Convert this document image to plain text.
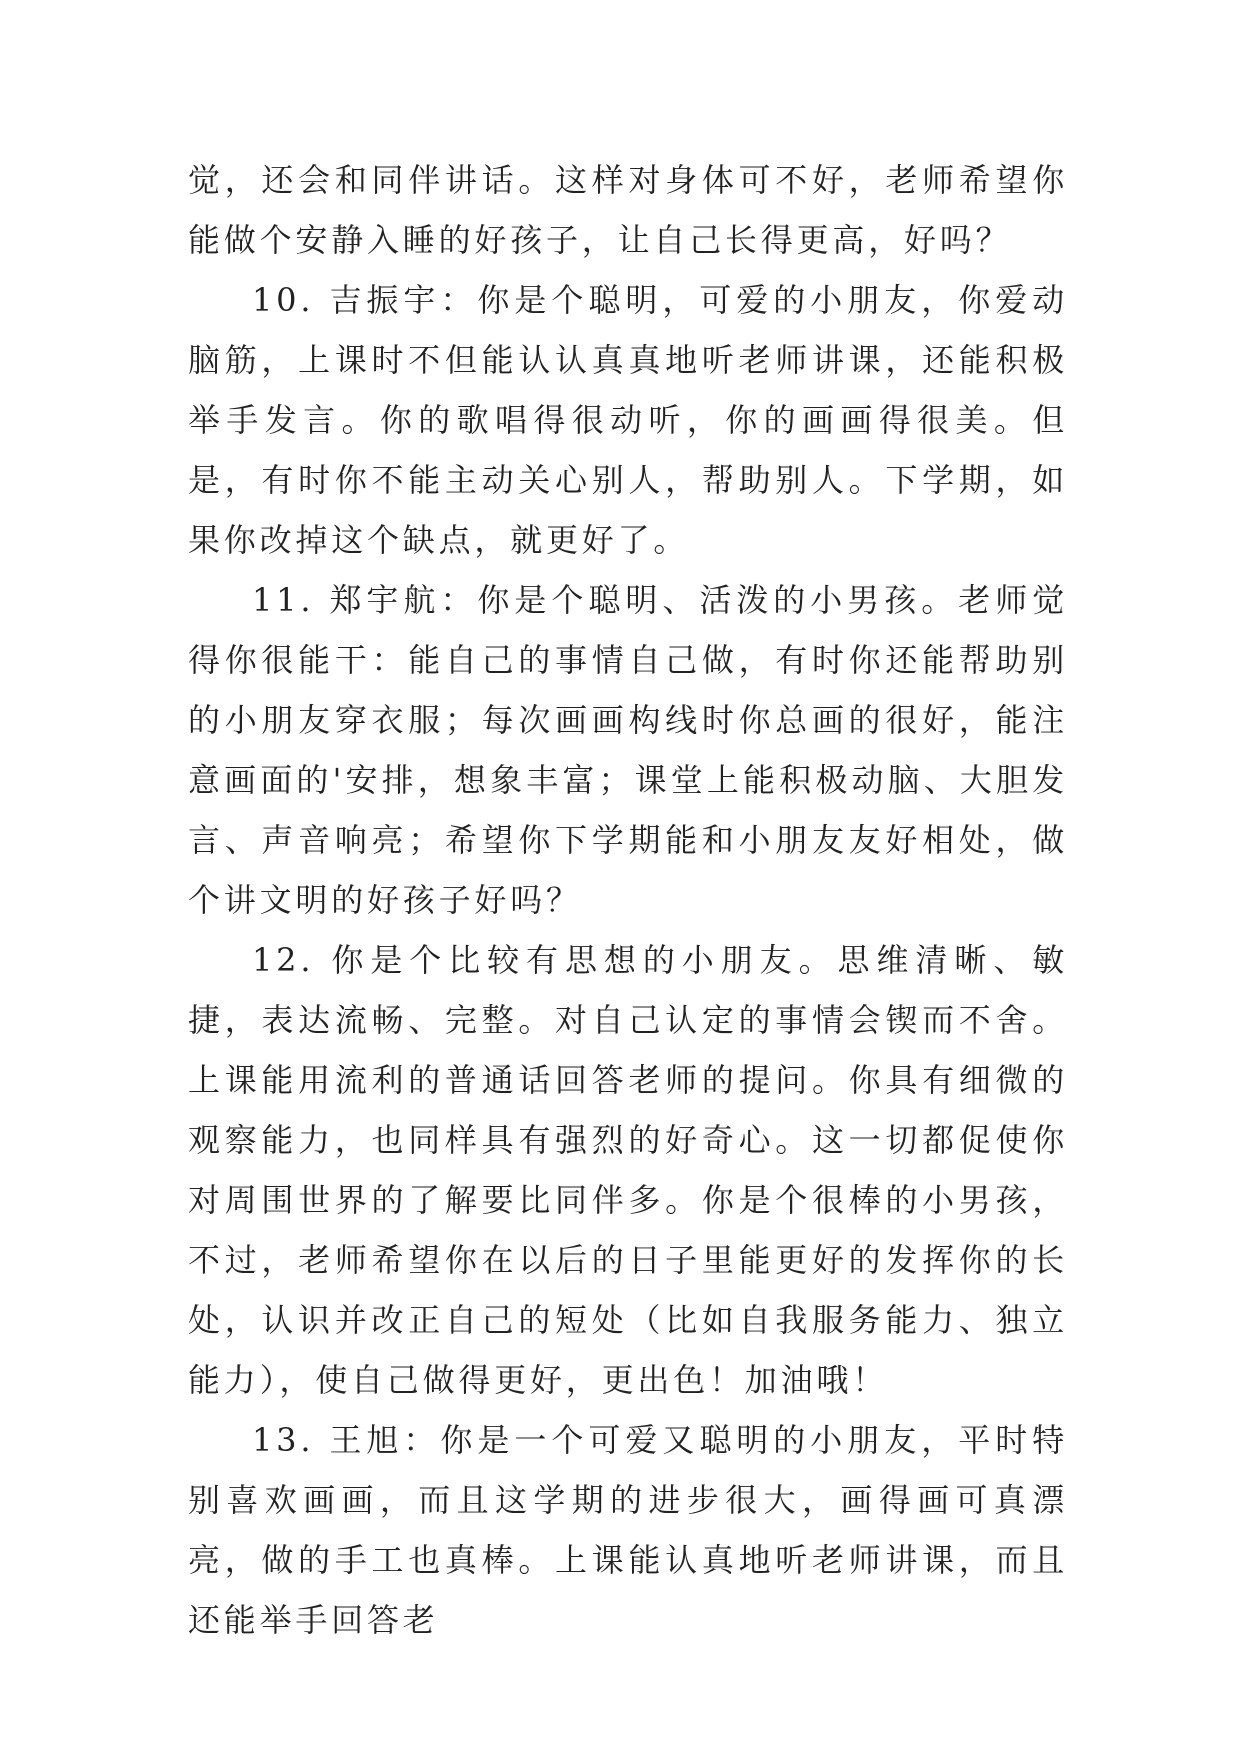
觉，还会和同伴讲话。这样对身体可不好，老师希望你能做个安静入睡的好孩子，让自己长得更高，好吗？

10. 吉振宇：你是个聪明，可爱的小朋友，你爱动脑筋，上课时不但能认认真真地听老师讲课，还能积极举手发言。你的歌唱得很动听，你的画画得很美。但是，有时你不能主动关心别人，帮助别人。下学期，如果你改掉这个缺点，就更好了。

11. 郑宇航：你是个聪明、活泼的小男孩。老师觉得你很能干：能自己的事情自己做，有时你还能帮助别的小朋友穿衣服；每次画画构线时你总画的很好，能注意画面的'安排，想象丰富；课堂上能积极动脑、大胆发言、声音响亮；希望你下学期能和小朋友友好相处，做个讲文明的好孩子好吗？

12. 你是个比较有思想的小朋友。思维清晰、敏捷，表达流畅、完整。对自己认定的事情会锲而不舍。上课能用流利的普通话回答老师的提问。你具有细微的观察能力，也同样具有强烈的好奇心。这一切都促使你对周围世界的了解要比同伴多。你是个很棒的小男孩，不过，老师希望你在以后的日子里能更好的发挥你的长处，认识并改正自己的短处（比如自我服务能力、独立能力），使自己做得更好，更出色！加油哦！

13. 王旭：你是一个可爱又聪明的小朋友，平时特别喜欢画画，而且这学期的进步很大，画得画可真漂亮，做的手工也真棒。上课能认真地听老师讲课，而且还能举手回答老
